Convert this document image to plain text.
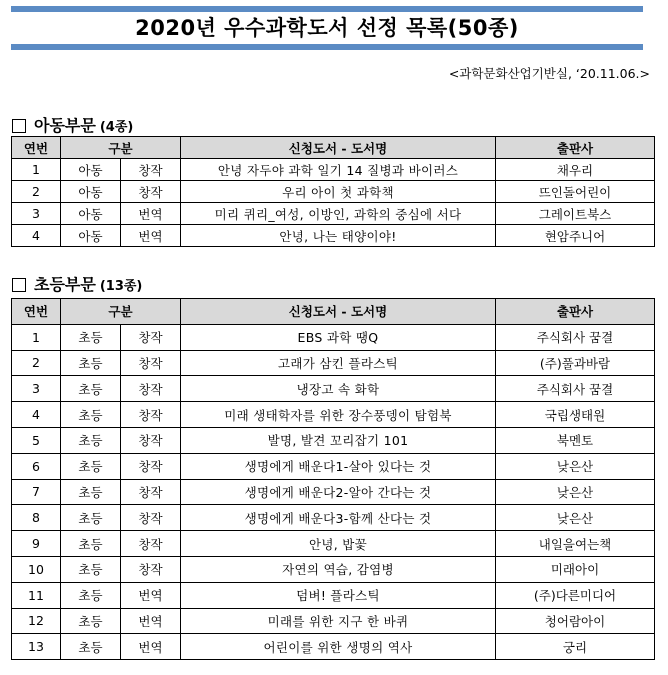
2020년 우수과학도서 선정 목록(50종)
<과학문화산업기반실, ‘20.11.06.>
아동부문 (4종)
연번	구분		신청도서 - 도서명	출판사
1	아동	창작	안녕 자두야 과학 일기 14 질병과 바이러스	채우리
2	아동	창작	우리 아이 첫 과학책	뜨인돌어린이
3	아동	번역	미리 퀴리_여성, 이방인, 과학의 중심에 서다	그레이트북스
4	아동	번역	안녕, 나는 태양이야!	현암주니어
초등부문 (13종)
연번	구분		신청도서 - 도서명	출판사
1	초등	창작	EBS 과학 땡Q	주식회사 꿈결
2	초등	창작	고래가 삼킨 플라스틱	(주)풀과바람
3	초등	창작	냉장고 속 화학	주식회사 꿈결
4	초등	창작	미래 생태학자를 위한 장수풍뎅이 탐험북	국립생태원
5	초등	창작	발명, 발견 꼬리잡기 101	북멘토
6	초등	창작	생명에게 배운다1-살아 있다는 것	낮은산
7	초등	창작	생명에게 배운다2-알아 간다는 것	낮은산
8	초등	창작	생명에게 배운다3-함께 산다는 것	낮은산
9	초등	창작	안녕, 밥꽃	내일을여는책
10	초등	창작	자연의 역습, 감염병	미래아이
11	초등	번역	덤벼! 플라스틱	(주)다른미디어
12	초등	번역	미래를 위한 지구 한 바퀴	청어람아이
13	초등	번역	어린이를 위한 생명의 역사	궁리
